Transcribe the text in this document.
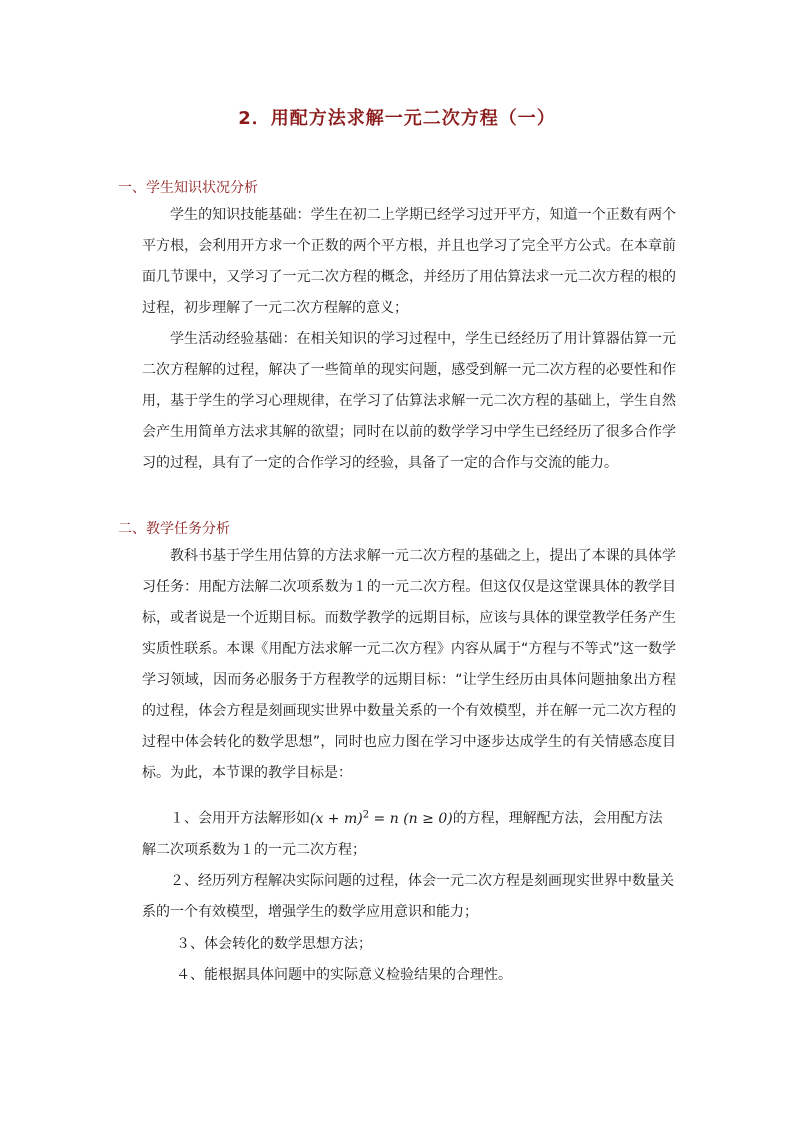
2．用配方法求解一元二次方程（一）
一、学生知识状况分析
学生的知识技能基础：学生在初二上学期已经学习过开平方，知道一个正数有两个平方根，会利用开方求一个正数的两个平方根，并且也学习了完全平方公式。在本章前面几节课中，又学习了一元二次方程的概念，并经历了用估算法求一元二次方程的根的过程，初步理解了一元二次方程解的意义；
学生活动经验基础：在相关知识的学习过程中，学生已经经历了用计算器估算一元二次方程解的过程，解决了一些简单的现实问题，感受到解一元二次方程的必要性和作用，基于学生的学习心理规律，在学习了估算法求解一元二次方程的基础上，学生自然会产生用简单方法求其解的欲望；同时在以前的数学学习中学生已经经历了很多合作学习的过程，具有了一定的合作学习的经验，具备了一定的合作与交流的能力。
二、教学任务分析
教科书基于学生用估算的方法求解一元二次方程的基础之上，提出了本课的具体学习任务：用配方法解二次项系数为１的一元二次方程。但这仅仅是这堂课具体的教学目标，或者说是一个近期目标。而数学教学的远期目标，应该与具体的课堂教学任务产生实质性联系。本课《用配方法求解一元二次方程》内容从属于“方程与不等式”这一数学学习领域，因而务必服务于方程教学的远期目标：“让学生经历由具体问题抽象出方程的过程，体会方程是刻画现实世界中数量关系的一个有效模型，并在解一元二次方程的过程中体会转化的数学思想”，同时也应力图在学习中逐步达成学生的有关情感态度目标。为此，本节课的教学目标是：
１、会用开方法解形如$(x + m)^2 = n$ (n ≥ 0)的方程，理解配方法，会用配方法解二次项系数为１的一元二次方程；
２、经历列方程解决实际问题的过程，体会一元二次方程是刻画现实世界中数量关系的一个有效模型，增强学生的数学应用意识和能力；
３、体会转化的数学思想方法；
４、能根据具体问题中的实际意义检验结果的合理性。
